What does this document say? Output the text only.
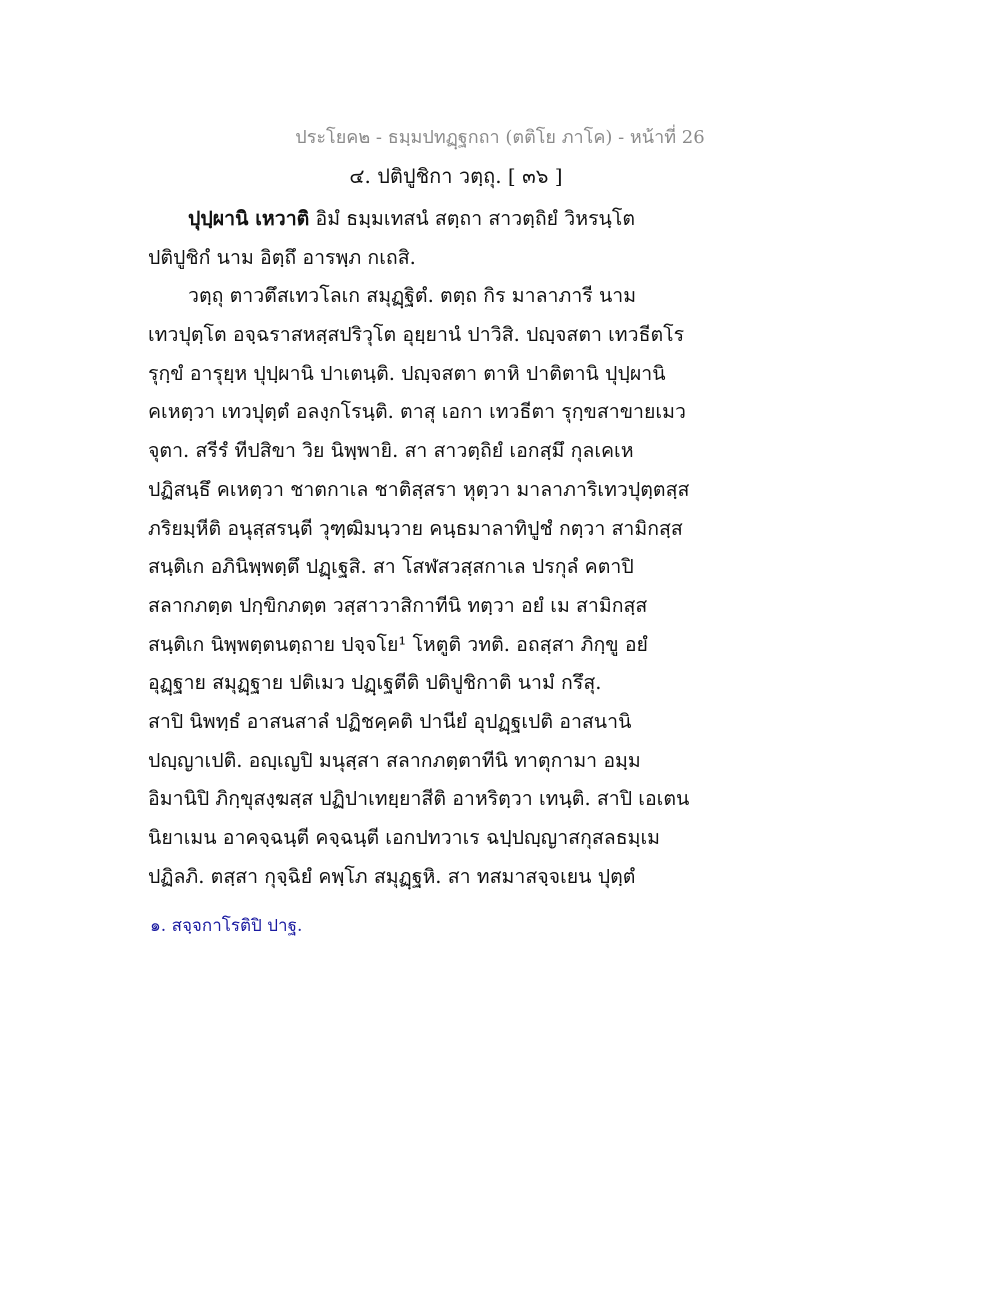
ประโยค๒ - ธมฺมปทฏฺฐกถา (ตติโย ภาโค) - หน้าที่ 26
๔. ปติปูชิกา วตฺถุ. [ ๓๖ ]
ปุปฺผานิ เหวาติ อิมํ ธมฺมเทสนํ สตฺถา สาวตฺถิยํ วิหรนฺโต
ปติปูชิกํ นาม อิตฺถึ อารพฺภ กเถสิ.
วตฺถุ ตาวตึสเทวโลเก สมุฏฺฐิตํ. ตตฺถ กิร มาลาภารี นาม
เทวปุตฺโต อจฺฉราสหสฺสปริวุโต อุยฺยานํ ปาวิสิ. ปญฺจสตา เทวธีตโร
รุกฺขํ อารุยฺห ปุปฺผานิ ปาเตนฺติ. ปญฺจสตา ตาหิ ปาติตานิ ปุปฺผานิ
คเหตฺวา เทวปุตฺตํ อลงฺกโรนฺติ. ตาสุ เอกา เทวธีตา รุกฺขสาขายเมว
จุตา. สรีรํ ทีปสิขา วิย นิพฺพายิ. สา สาวตฺถิยํ เอกสฺมึ กุลเคเห
ปฏิสนฺธึ คเหตฺวา ชาตกาเล ชาติสฺสรา หุตฺวา มาลาภาริเทวปุตฺตสฺส
ภริยมฺหีติ อนุสฺสรนฺตี วุฑฺฒิมนฺวาย คนฺธมาลาทิปูชํ กตฺวา สามิกสฺส
สนฺติเก อภินิพฺพตฺตึ ปฏฺเฐสิ. สา โสฬสวสฺสกาเล ปรกุลํ คตาปิ
สลากภตฺต ปกฺขิกภตฺต วสฺสาวาสิกาทีนิ ทตฺวา อยํ เม สามิกสฺส
สนฺติเก นิพฺพตฺตนตฺถาย ปจฺจโย¹ โหตูติ วทติ. อถสฺสา ภิกฺขู อยํ
อุฏฺฐาย สมุฏฺฐาย ปติเมว ปฏฺเฐตีติ ปติปูชิกาติ นามํ กรึสุ.
สาปิ นิพทฺธํ อาสนสาลํ ปฏิชคฺคติ ปานียํ อุปฏฺฐเปติ อาสนานิ
ปญฺญาเปติ. อญฺเญปิ มนุสฺสา สลากภตฺตาทีนิ ทาตุกามา อมฺม
อิมานิปิ ภิกฺขุสงฺฆสฺส ปฏิปาเทยฺยาสีติ อาหริตฺวา เทนฺติ. สาปิ เอเตน
นิยาเมน อาคจฺฉนฺตี คจฺฉนฺตี เอกปทวาเร ฉปฺปญฺญาสกุสลธมฺเม
ปฏิลภิ. ตสฺสา กุจฺฉิยํ คพฺโภ สมุฏฺฐหิ. สา ทสมาสจฺจเยน ปุตฺตํ
๑. สจฺจกาโรติปิ ปาฐ.
